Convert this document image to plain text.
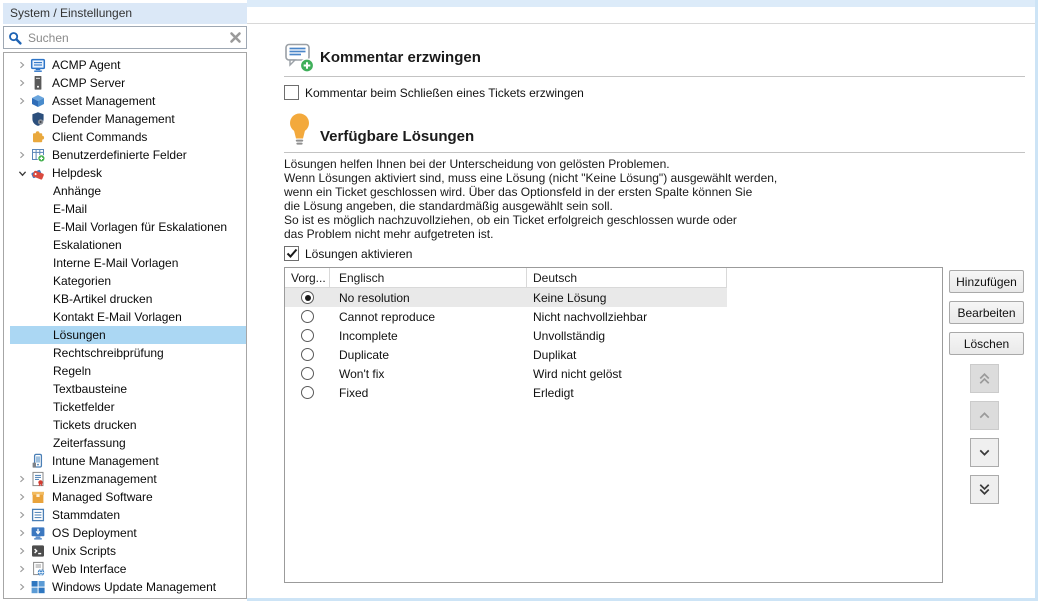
System / Einstellungen
Suchen
ACMP Agent
ACMP Server
Asset Management
Defender Management
Client Commands
Benutzerdefinierte Felder
Helpdesk
Anhänge
E-Mail
E-Mail Vorlagen für Eskalationen
Eskalationen
Interne E-Mail Vorlagen
Kategorien
KB-Artikel drucken
Kontakt E-Mail Vorlagen
Lösungen
Rechtschreibprüfung
Regeln
Textbausteine
Ticketfelder
Tickets drucken
Zeiterfassung
Intune Management
Lizenzmanagement
Managed Software
Stammdaten
OS Deployment
Unix Scripts
Web Interface
Windows Update Management
Kommentar erzwingen
Kommentar beim Schließen eines Tickets erzwingen
Verfügbare Lösungen
Lösungen helfen Ihnen bei der Unterscheidung von gelösten Problemen.
Wenn Lösungen aktiviert sind, muss eine Lösung (nicht "Keine Lösung") ausgewählt werden,
wenn ein Ticket geschlossen wird. Über das Optionsfeld in der ersten Spalte können Sie
die Lösung angeben, die standardmäßig ausgewählt sein soll.
So ist es möglich nachzuvollziehen, ob ein Ticket erfolgreich geschlossen wurde oder
das Problem nicht mehr aufgetreten ist.
Lösungen aktivieren
Vorg...	Englisch	Deutsch
No resolution	Keine Lösung
Cannot reproduce	Nicht nachvollziehbar
Incomplete	Unvollständig
Duplicate	Duplikat
Won't fix	Wird nicht gelöst
Fixed	Erledigt
Hinzufügen
Bearbeiten
Löschen
